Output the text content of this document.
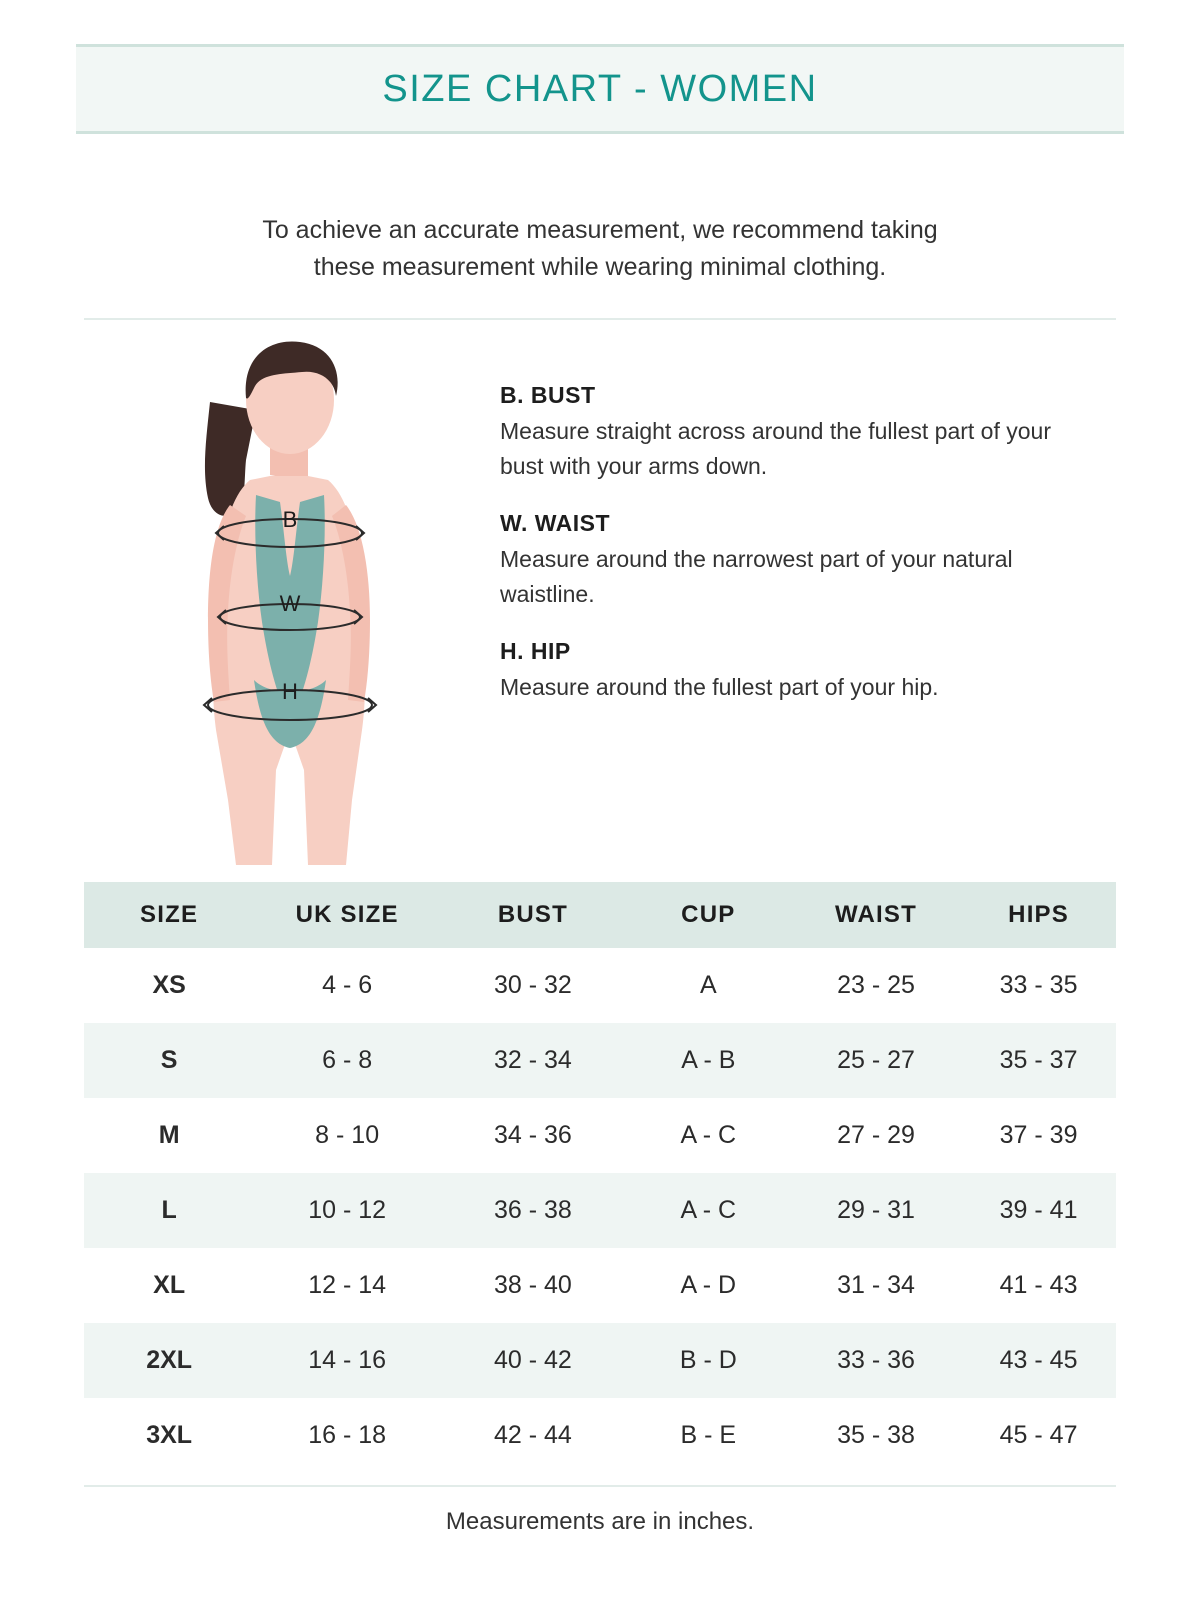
SIZE CHART - WOMEN
To achieve an accurate measurement, we recommend taking
these measurement while wearing minimal clothing.
B
W
H
B. BUST
Measure straight across around the fullest part of your bust with your arms down.
W. WAIST
Measure around the narrowest part of your natural waistline.
H. HIP
Measure around the fullest part of your hip.
SIZE	UK SIZE	BUST	CUP	WAIST	HIPS
XS	4 - 6	30 - 32	A	23 - 25	33 - 35
S	6 - 8	32 - 34	A - B	25 - 27	35 - 37
M	8 - 10	34 - 36	A - C	27 - 29	37 - 39
L	10 - 12	36 - 38	A - C	29 - 31	39 - 41
XL	12 - 14	38 - 40	A - D	31 - 34	41 - 43
2XL	14 - 16	40 - 42	B - D	33 - 36	43 - 45
3XL	16 - 18	42 - 44	B - E	35 - 38	45 - 47
Measurements are in inches.
